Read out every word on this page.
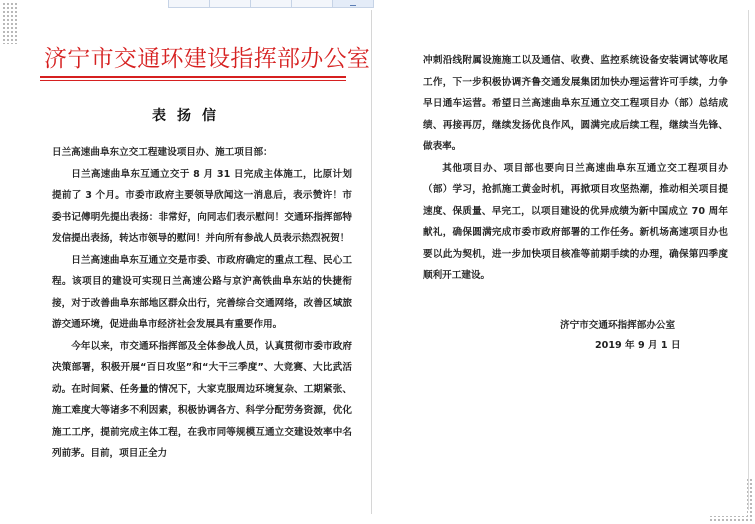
济宁市交通环建设指挥部办公室
表扬信

日兰高速曲阜东立交工程建设项目办、施工项目部：

日兰高速曲阜东互通立交于 8 月 31 日完成主体施工，比原计划提前了 3 个月。市委市政府主要领导欣闻这一消息后，表示赞许！市委书记傅明先提出表扬：非常好，向同志们表示慰问！交通环指挥部特发信提出表扬，转达市领导的慰问！并向所有参战人员表示热烈祝贺！

日兰高速曲阜东互通立交是市委、市政府确定的重点工程、民心工程。该项目的建设可实现日兰高速公路与京沪高铁曲阜东站的快捷衔接，对于改善曲阜东部地区群众出行，完善综合交通网络，改善区域旅游交通环境，促进曲阜市经济社会发展具有重要作用。

今年以来，市交通环指挥部及全体参战人员，认真贯彻市委市政府决策部署，积极开展“百日攻坚”和“大干三季度”、大竞赛、大比武活动。在时间紧、任务量的情况下，大家克服周边环境复杂、工期紧张、施工难度大等诸多不利因素，积极协调各方、科学分配劳务资源，优化施工工序，提前完成主体工程，在我市同等规模互通立交建设效率中名列前茅。目前，项目正全力

冲刺沿线附属设施施工以及通信、收费、监控系统设备安装调试等收尾工作，下一步积极协调齐鲁交通发展集团加快办理运营许可手续，力争早日通车运营。希望日兰高速曲阜东互通立交工程项目办（部）总结成绩、再接再厉，继续发扬优良作风，圆满完成后续工程，继续当先锋、做表率。

其他项目办、项目部也要向日兰高速曲阜东互通立交工程项目办（部）学习，抢抓施工黄金时机，再掀项目攻坚热潮，推动相关项目提速度、保质量、早完工，以项目建设的优异成绩为新中国成立 70 周年献礼，确保圆满完成市委市政府部署的工作任务。新机场高速项目办也要以此为契机，进一步加快项目核准等前期手续的办理，确保第四季度顺利开工建设。

济宁市交通环指挥部办公室
2019 年 9 月 1 日
